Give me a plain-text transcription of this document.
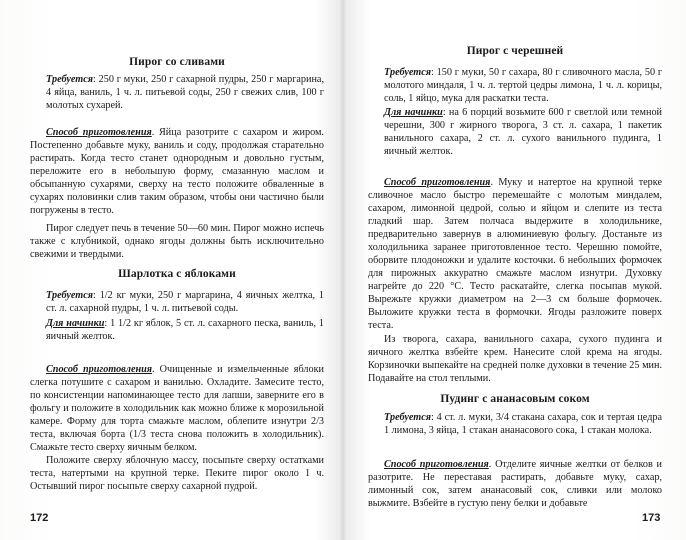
Пирог со сливами

Требуется: 250 г муки, 250 г сахарной пудры, 250 г маргарина, 4 яйца, ваниль, 1 ч. л. питьевой соды, 250 г свежих слив, 100 г молотых сухарей.

Способ приготовления. Яйца разотрите с сахаром и жиром. Постепенно добавьте муку, ваниль и соду, продолжая старательно растирать. Когда тесто станет однородным и довольно густым, переложите его в небольшую форму, смазанную маслом и обсыпанную сухарями, сверху на тесто положите обваленные в сухарях половинки слив таким образом, чтобы они частично были погружены в тесто.

Пирог следует печь в течение 50—60 мин. Пирог можно испечь также с клубникой, однако ягоды должны быть исключительно свежими и твердыми.

Шарлотка с яблоками

Требуется: 1/2 кг муки, 250 г маргарина, 4 яичных желтка, 1 ст. л. сахарной пудры, 1 ч. л. питьевой соды.

Для начинки: 1 1/2 кг яблок, 5 ст. л. сахарного песка, ваниль, 1 яичный желток.

Способ приготовления. Очищенные и измельченные яблоки слегка потушите с сахаром и ванилью. Охладите. Замесите тесто, по консистенции напоминающее тесто для лапши, заверните его в фольгу и положите в холодильник как можно ближе к морозильной камере. Форму для торта смажьте маслом, облепите изнутри 2/3 теста, включая борта (1/3 теста снова положить в холодильник). Смажьте тесто сверху яичным белком.

Положите сверху яблочную массу, посыпьте сверху остатками теста, натертыми на крупной терке. Пеките пирог около 1 ч. Остывший пирог посыпьте сверху сахарной пудрой.

172
Пирог с черешней

Требуется: 150 г муки, 50 г сахара, 80 г сливочного масла, 50 г молотого миндаля, 1 ч. л. тертой цедры лимона, 1 ч. л. корицы, соль, 1 яйцо, мука для раскатки теста.

Для начинки: на 6 порций возьмите 600 г светлой или темной черешни, 300 г жирного творога, 3 ст. л. сахара, 1 пакетик ванильного сахара, 2 ст. л. сухого ванильного пудинга, 1 яичный желток.

Способ приготовления. Муку и натертое на крупной терке сливочное масло быстро перемешайте с молотым миндалем, сахаром, лимонной цедрой, солью и яйцом и слепите из теста гладкий шар. Затем полчаса выдержите в холодильнике, предварительно завернув в алюминиевую фольгу. Достаньте из холодильника заранее приготовленное тесто. Черешню помойте, оборвите плодоножки и удалите косточки. 6 небольших формочек для пирожных аккуратно смажьте маслом изнутри. Духовку нагрейте до 220 °С. Тесто раскатайте, слегка посыпав мукой. Вырежьте кружки диаметром на 2—3 см больше формочек. Выложите кружки теста в формочки. Ягоды разложите поверх теста.

Из творога, сахара, ванильного сахара, сухого пудинга и яичного желтка взбейте крем. Нанесите слой крема на ягоды. Корзиночки выпекайте на средней полке духовки в течение 25 мин. Подавайте на стол теплыми.

Пудинг с ананасовым соком

Требуется: 4 ст. л. муки, 3/4 стакана сахара, сок и тертая цедра 1 лимона, 3 яйца, 1 стакан ананасового сока, 1 стакан молока.

Способ приготовления. Отделите яичные желтки от белков и разотрите. Не переставая растирать, добавьте муку, сахар, лимонный сок, затем ананасовый сок, сливки или молоко выжмите. Взбейте в густую пену белки и добавьте

173
